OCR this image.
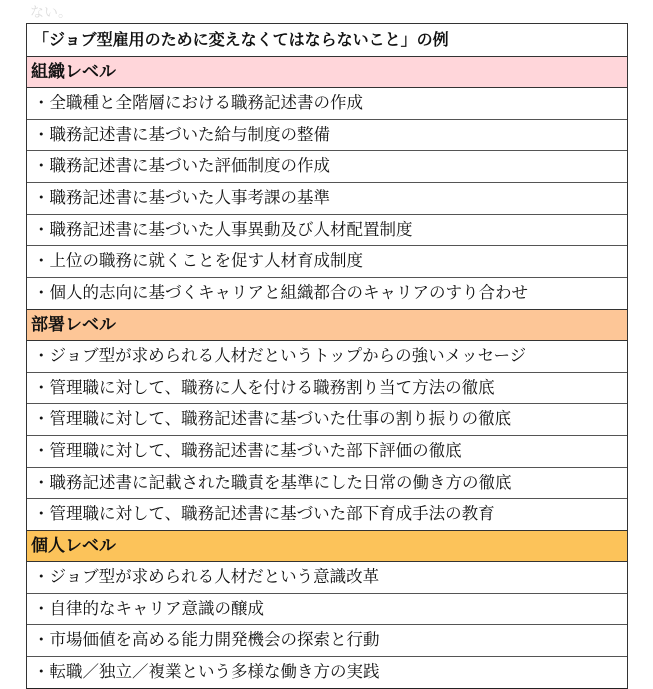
ない。
「ジョブ型雇用のために変えなくてはならないこと」の例
組織レベル
・全職種と全階層における職務記述書の作成
・職務記述書に基づいた給与制度の整備
・職務記述書に基づいた評価制度の作成
・職務記述書に基づいた人事考課の基準
・職務記述書に基づいた人事異動及び人材配置制度
・上位の職務に就くことを促す人材育成制度
・個人的志向に基づくキャリアと組織都合のキャリアのすり合わせ
部署レベル
・ジョブ型が求められる人材だというトップからの強いメッセージ
・管理職に対して、職務に人を付ける職務割り当て方法の徹底
・管理職に対して、職務記述書に基づいた仕事の割り振りの徹底
・管理職に対して、職務記述書に基づいた部下評価の徹底
・職務記述書に記載された職責を基準にした日常の働き方の徹底
・管理職に対して、職務記述書に基づいた部下育成手法の教育
個人レベル
・ジョブ型が求められる人材だという意識改革
・自律的なキャリア意識の醸成
・市場価値を高める能力開発機会の探索と行動
・転職／独立／複業という多様な働き方の実践
